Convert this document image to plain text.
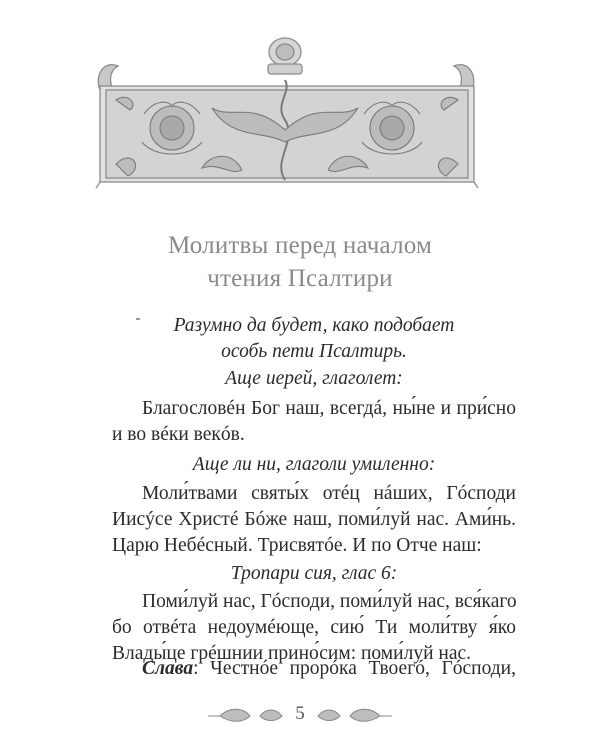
Молитвы перед началом
чтения Псалтири
Разумно да будет, како подобает
особь пети Псалтирь.
Аще иерей, глаголет:
Благословéн Бог наш, всегдá, ны́не и при́сно
и во вéки векóв.
Аще ли ни, глаголи умиленно:
Моли́твами святы́х отéц нáших, Гóсподи
Иисýсе Христé Бóже наш, поми́луй нас. Ами́нь.
Царю Небéсный. Трисвятóе. И по Отче наш:
Тропари сия, глас 6:
Поми́луй нас, Гóсподи, поми́луй нас, вся́каго
бо отвéта недоумéюще, сию́ Ти моли́тву я́ко
Влады́це грéшнии прино́сим: поми́луй нас.
Слава: Честнóе прорóка Твоегó, Гóсподи,
5
